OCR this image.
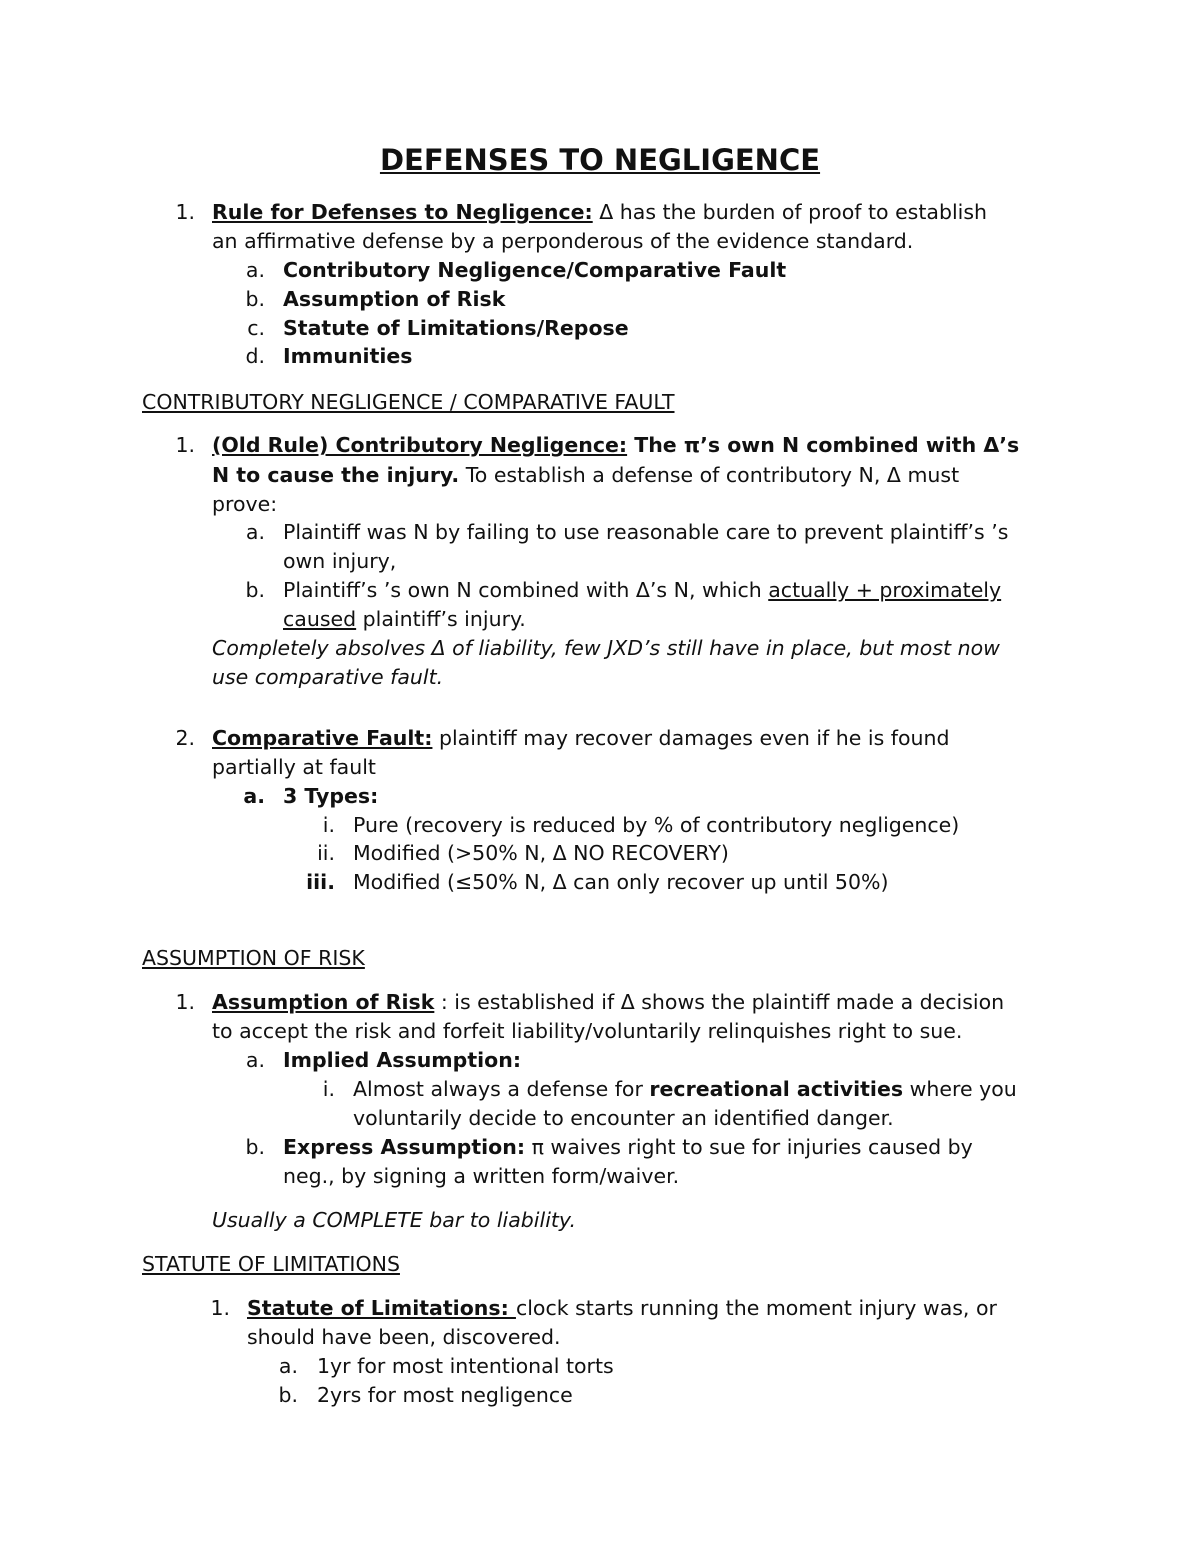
DEFENSES TO NEGLIGENCE
1. Rule for Defenses to Negligence: Δ has the burden of proof to establish
an affirmative defense by a perponderous of the evidence standard.
a. Contributory Negligence/Comparative Fault
b. Assumption of Risk
c. Statute of Limitations/Repose
d. Immunities
CONTRIBUTORY NEGLIGENCE / COMPARATIVE FAULT
1. (Old Rule) Contributory Negligence: The π’s own N combined with Δ’s
N to cause the injury. To establish a defense of contributory N, Δ must
prove:
a. Plaintiff was N by failing to use reasonable care to prevent plaintiff’s ’s
own injury,
b. Plaintiff’s ’s own N combined with Δ’s N, which actually + proximately
caused plaintiff’s injury.
Completely absolves Δ of liability, few JXD’s still have in place, but most now
use comparative fault.
2. Comparative Fault: plaintiff may recover damages even if he is found
partially at fault
a. 3 Types:
i. Pure (recovery is reduced by % of contributory negligence)
ii. Modified (>50% N, Δ NO RECOVERY)
iii. Modified (≤50% N, Δ can only recover up until 50%)
ASSUMPTION OF RISK
1. Assumption of Risk : is established if Δ shows the plaintiff made a decision
to accept the risk and forfeit liability/voluntarily relinquishes right to sue.
a. Implied Assumption:
i. Almost always a defense for recreational activities where you
voluntarily decide to encounter an identified danger.
b. Express Assumption: π waives right to sue for injuries caused by
neg., by signing a written form/waiver.
Usually a COMPLETE bar to liability.
STATUTE OF LIMITATIONS
1. Statute of Limitations: clock starts running the moment injury was, or
should have been, discovered.
a. 1yr for most intentional torts
b. 2yrs for most negligence
